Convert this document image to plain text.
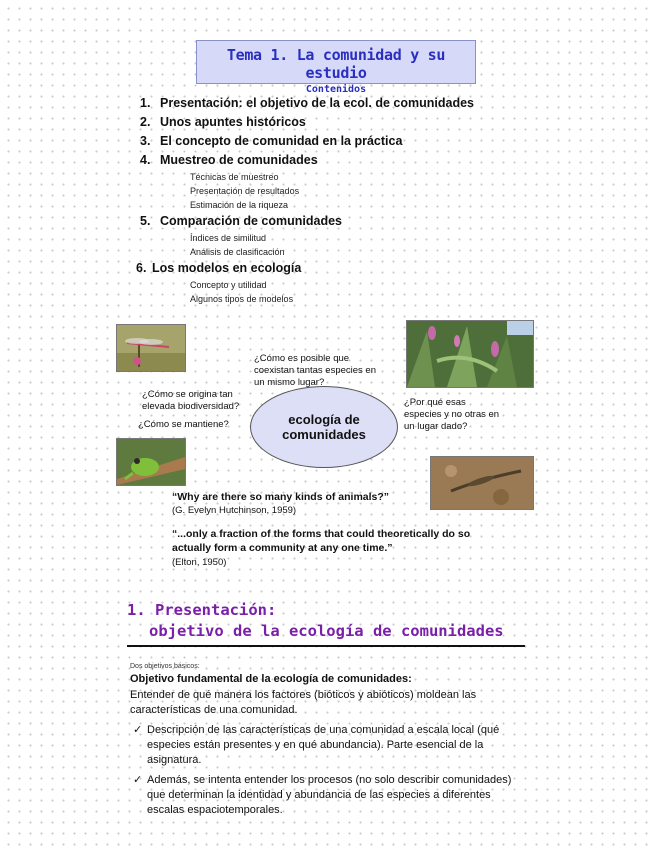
Tema 1. La comunidad y su estudio
Contenidos
1. Presentación: el objetivo de la ecol. de comunidades
2. Unos apuntes históricos
3. El concepto de comunidad en la práctica
4. Muestreo de comunidades
Técnicas de muestreo
Presentación de resultados
Estimación de la riqueza
5. Comparación de comunidades
Índices de similitud
Análisis de clasificación
6. Los modelos en ecología
Concepto y utilidad
Algunos tipos de modelos
¿Cómo es posible que coexistan tantas especies en un mismo lugar?
¿Cómo se origina tan elevada biodiversidad?
¿Cómo se mantiene?
¿Por qué esas especies y no otras en un lugar dado?
ecología de
comunidades
“Why are there so many kinds of animals?”
(G. Evelyn Hutchinson, 1959)
“...only a fraction of the forms that could theoretically do so actually form a community at any one time.”
(Elton, 1950)
1. Presentación:
objetivo de la ecología de comunidades
Dos objetivos básicos:
Objetivo fundamental de la ecología de comunidades:
Entender de qué manera los factores (bióticos y abióticos) moldean las características de una comunidad.
✓ Descripción de las características de una comunidad a escala local (qué especies están presentes y en qué abundancia). Parte esencial de la asignatura.
✓ Además, se intenta entender los procesos (no solo describir comunidades) que determinan la identidad y abundancia de las especies a diferentes escalas espaciotemporales.
